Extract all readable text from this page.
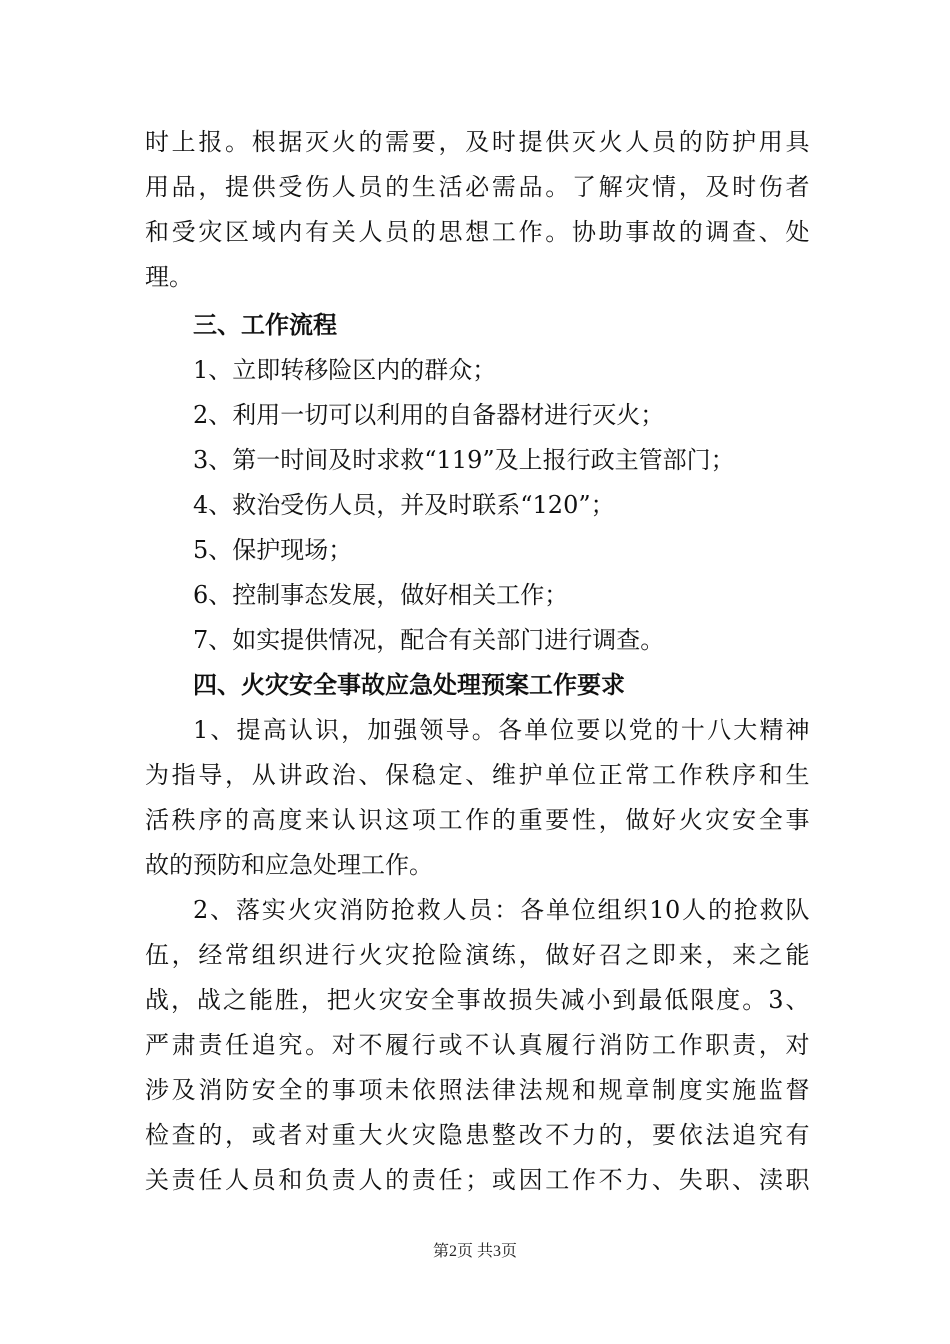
时上报。根据灭火的需要，及时提供灭火人员的防护用具
用品，提供受伤人员的生活必需品。了解灾情，及时伤者
和受灾区域内有关人员的思想工作。协助事故的调查、处
理。
三、工作流程
1、立即转移险区内的群众；
2、利用一切可以利用的自备器材进行灭火；
3、第一时间及时求救“119”及上报行政主管部门；
4、救治受伤人员，并及时联系“120”；
5、保护现场；
6、控制事态发展，做好相关工作；
7、如实提供情况，配合有关部门进行调查。
四、火灾安全事故应急处理预案工作要求
1、提高认识，加强领导。各单位要以党的十八大精神
为指导，从讲政治、保稳定、维护单位正常工作秩序和生
活秩序的高度来认识这项工作的重要性，做好火灾安全事
故的预防和应急处理工作。
2、落实火灾消防抢救人员：各单位组织10人的抢救队
伍，经常组织进行火灾抢险演练，做好召之即来，来之能
战，战之能胜，把火灾安全事故损失减小到最低限度。3、
严肃责任追究。对不履行或不认真履行消防工作职责，对
涉及消防安全的事项未依照法律法规和规章制度实施监督
检查的，或者对重大火灾隐患整改不力的，要依法追究有
关责任人员和负责人的责任；或因工作不力、失职、渎职
第2页 共3页
